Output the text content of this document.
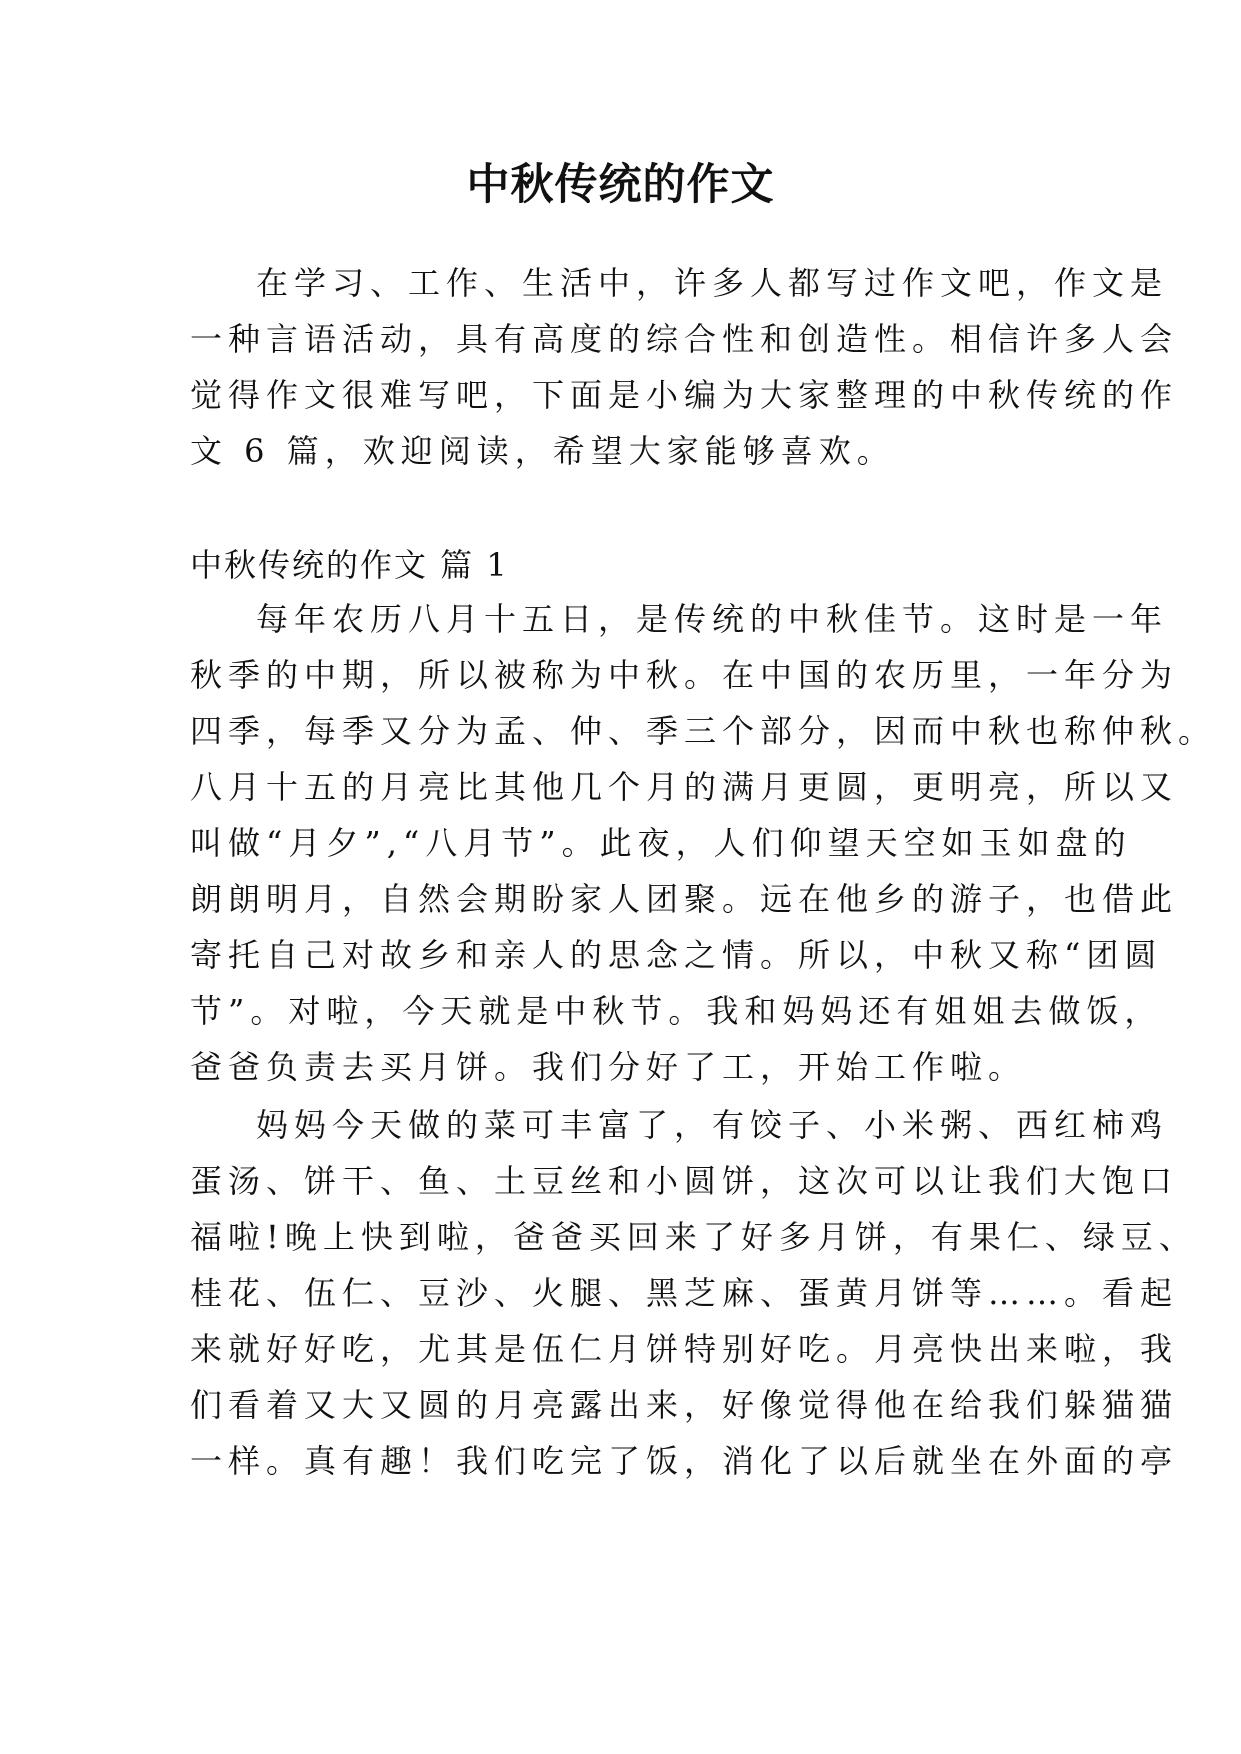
中秋传统的作文
在学习、工作、生活中，许多人都写过作文吧，作文是
一种言语活动，具有高度的综合性和创造性。相信许多人会
觉得作文很难写吧，下面是小编为大家整理的中秋传统的作
文 6 篇，欢迎阅读，希望大家能够喜欢。
中秋传统的作文 篇 1
每年农历八月十五日，是传统的中秋佳节。这时是一年
秋季的中期，所以被称为中秋。在中国的农历里，一年分为
四季，每季又分为孟、仲、季三个部分，因而中秋也称仲秋。
八月十五的月亮比其他几个月的满月更圆，更明亮，所以又
叫做“月夕”,“八月节”。此夜，人们仰望天空如玉如盘的
朗朗明月，自然会期盼家人团聚。远在他乡的游子，也借此
寄托自己对故乡和亲人的思念之情。所以，中秋又称“团圆
节”。对啦，今天就是中秋节。我和妈妈还有姐姐去做饭，
爸爸负责去买月饼。我们分好了工，开始工作啦。
妈妈今天做的菜可丰富了，有饺子、小米粥、西红柿鸡
蛋汤、饼干、鱼、土豆丝和小圆饼，这次可以让我们大饱口
福啦!晚上快到啦，爸爸买回来了好多月饼，有果仁、绿豆、
桂花、伍仁、豆沙、火腿、黑芝麻、蛋黄月饼等……。看起
来就好好吃，尤其是伍仁月饼特别好吃。月亮快出来啦，我
们看着又大又圆的月亮露出来，好像觉得他在给我们躲猫猫
一样。真有趣！我们吃完了饭，消化了以后就坐在外面的亭
